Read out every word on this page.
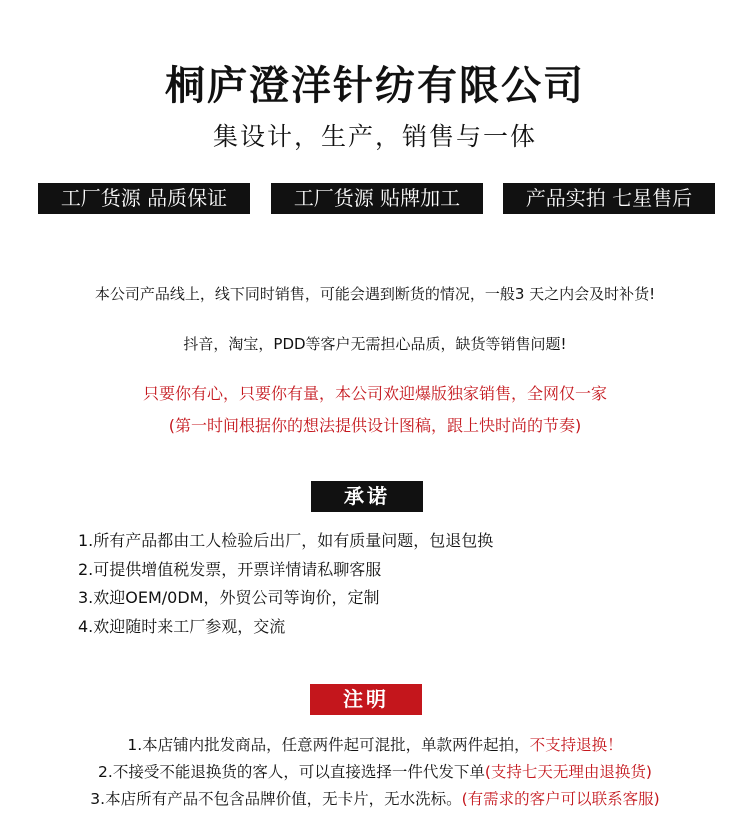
桐庐澄洋针纺有限公司
集设计，生产，销售与一体
工厂货源 品质保证	工厂货源 贴牌加工	产品实拍 七星售后
本公司产品线上，线下同时销售，可能会遇到断货的情况，一般3 天之内会及时补货!
抖音，淘宝，PDD等客户无需担心品质，缺货等销售问题!
只要你有心，只要你有量，本公司欢迎爆版独家销售，全网仅一家
(第一时间根据你的想法提供设计图稿，跟上快时尚的节奏)
承诺
1.所有产品都由工人检验后出厂，如有质量问题，包退包换
2.可提供增值税发票，开票详情请私聊客服
3.欢迎OEM/0DM，外贸公司等询价，定制
4.欢迎随时来工厂参观，交流
注明
1.本店铺内批发商品，任意两件起可混批，单款两件起拍，不支持退换！
2.不接受不能退换货的客人，可以直接选择一件代发下单(支持七天无理由退换货)
3.本店所有产品不包含品牌价值，无卡片，无水洗标。(有需求的客户可以联系客服)
